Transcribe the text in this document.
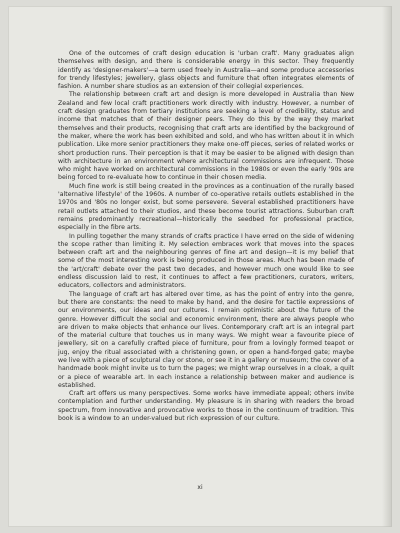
One of the outcomes of craft design education is 'urban craft'. Many graduates align themselves with design, and there is considerable energy in this sector. They frequently identify as 'designer-makers'—a term used freely in Australia—and some produce accessories for trendy lifestyles; jewellery, glass objects and furniture that often integrates elements of fashion. A number share studios as an extension of their collegial experiences.

The relationship between craft art and design is more developed in Australia than New Zealand and few local craft practitioners work directly with industry. However, a number of craft design graduates from tertiary institutions are seeking a level of credibility, status and income that matches that of their designer peers. They do this by the way they market themselves and their products, recognising that craft arts are identified by the background of the maker, where the work has been exhibited and sold, and who has written about it in which publication. Like more senior practitioners they make one-off pieces, series of related works or short production runs. Their perception is that it may be easier to be aligned with design than with architecture in an environment where architectural commissions are infrequent. Those who might have worked on architectural commissions in the 1980s or even the early '90s are being forced to re-evaluate how to continue in their chosen media.

Much fine work is still being created in the provinces as a continuation of the rurally based 'alternative lifestyle' of the 1960s. A number of co-operative retails outlets established in the 1970s and '80s no longer exist, but some persevere. Several established practitioners have retail outlets attached to their studios, and these become tourist attractions. Suburban craft remains predominantly recreational—historically the seedbed for professional practice, especially in the fibre arts.

In pulling together the many strands of crafts practice I have erred on the side of widening the scope rather than limiting it. My selection embraces work that moves into the spaces between craft art and the neighbouring genres of fine art and design—it is my belief that some of the most interesting work is being produced in those areas. Much has been made of the 'art/craft' debate over the past two decades, and however much one would like to see endless discussion laid to rest, it continues to affect a few practitioners, curators, writers, educators, collectors and administrators.

The language of craft art has altered over time, as has the point of entry into the genre, but there are constants: the need to make by hand, and the desire for tactile expressions of our environments, our ideas and our cultures. I remain optimistic about the future of the genre. However difficult the social and economic environment, there are always people who are driven to make objects that enhance our lives. Contemporary craft art is an integral part of the material culture that touches us in many ways. We might wear a favourite piece of jewellery, sit on a carefully crafted piece of furniture, pour from a lovingly formed teapot or jug, enjoy the ritual associated with a christening gown, or open a hand-forged gate; maybe we live with a piece of sculptural clay or stone, or see it in a gallery or museum; the cover of a handmade book might invite us to turn the pages; we might wrap ourselves in a cloak, a quilt or a piece of wearable art. In each instance a relationship between maker and audience is established.

Craft art offers us many perspectives. Some works have immediate appeal; others invite contemplation and further understanding. My pleasure is in sharing with readers the broad spectrum, from innovative and provocative works to those in the continuum of tradition. This book is a window to an under-valued but rich expression of our culture.

xi
